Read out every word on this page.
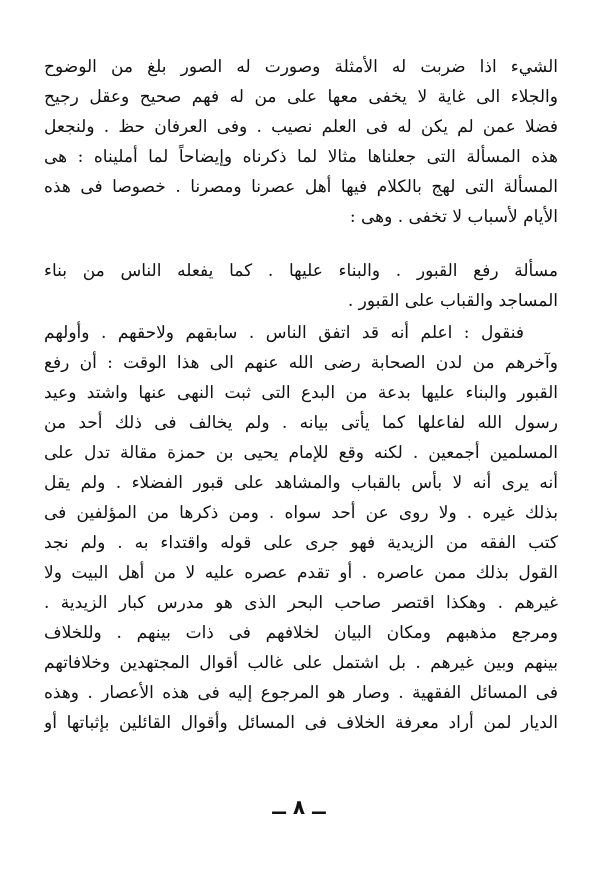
الشيء اذا ضربت له الأمثلة وصورت له الصور بلغ من الوضوح
والجلاء الى غاية لا يخفى معها على من له فهم صحيح وعقل رجيح
فضلا عمن لم يكن له فى العلم نصيب . وفى العرفان حظ . ولنجعل
هذه المسألة التى جعلناها مثالا لما ذكرناه وإيضاحاً لما أمليناه : هى
المسألة التى لهج بالكلام فيها أهل عصرنا ومصرنا . خصوصا فى هذه
الأيام لأسباب لا تخفى . وهى :
مسألة رفع القبور . والبناء عليها . كما يفعله الناس من بناء
المساجد والقباب على القبور .
فنقول : اعلم أنه قد اتفق الناس . سابقهم ولاحقهم . وأولهم
وآخرهم من لدن الصحابة رضى الله عنهم الى هذا الوقت : أن رفع
القبور والبناء عليها بدعة من البدع التى ثبت النهى عنها واشتد وعيد
رسول الله لفاعلها كما يأتى بيانه . ولم يخالف فى ذلك أحد من
المسلمين أجمعين . لكنه وقع للإمام يحيى بن حمزة مقالة تدل على
أنه يرى أنه لا بأس بالقباب والمشاهد على قبور الفضلاء . ولم يقل
بذلك غيره . ولا روى عن أحد سواه . ومن ذكرها من المؤلفين فى
كتب الفقه من الزيدية فهو جرى على قوله واقتداء به . ولم نجد
القول بذلك ممن عاصره . أو تقدم عصره عليه لا من أهل البيت ولا
غيرهم . وهكذا اقتصر صاحب البحر الذى هو مدرس كبار الزيدية .
ومرجع مذهبهم ومكان البيان لخلافهم فى ذات بينهم . وللخلاف
بينهم وبين غيرهم . بل اشتمل على غالب أقوال المجتهدين وخلافاتهم
فى المسائل الفقهية . وصار هو المرجوع إليه فى هذه الأعصار . وهذه
الديار لمن أراد معرفة الخلاف فى المسائل وأقوال القائلين بإثباتها أو
ــ ٨ ــ
